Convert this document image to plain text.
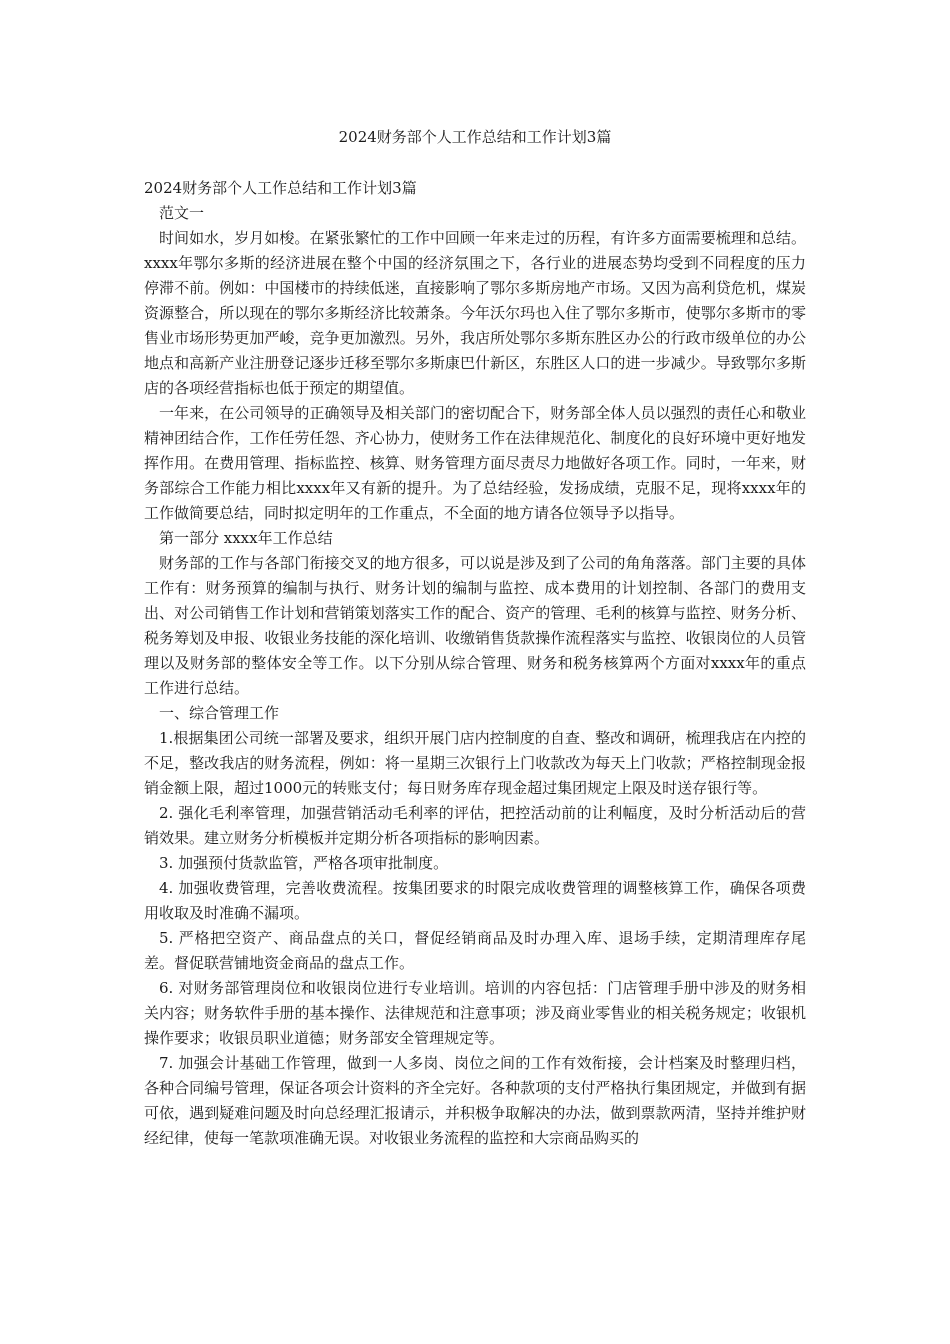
2024财务部个人工作总结和工作计划3篇

2024财务部个人工作总结和工作计划3篇

范文一

时间如水，岁月如梭。在紧张繁忙的工作中回顾一年来走过的历程，有许多方面需要梳理和总结。xxxx年鄂尔多斯的经济进展在整个中国的经济氛围之下，各行业的进展态势均受到不同程度的压力停滞不前。例如：中国楼市的持续低迷，直接影响了鄂尔多斯房地产市场。又因为高利贷危机，煤炭资源整合，所以现在的鄂尔多斯经济比较萧条。今年沃尔玛也入住了鄂尔多斯市，使鄂尔多斯市的零售业市场形势更加严峻，竞争更加激烈。另外，我店所处鄂尔多斯东胜区办公的行政市级单位的办公地点和高新产业注册登记逐步迁移至鄂尔多斯康巴什新区，东胜区人口的进一步减少。导致鄂尔多斯店的各项经营指标也低于预定的期望值。

一年来，在公司领导的正确领导及相关部门的密切配合下，财务部全体人员以强烈的责任心和敬业精神团结合作，工作任劳任怨、齐心协力，使财务工作在法律规范化、制度化的良好环境中更好地发挥作用。在费用管理、指标监控、核算、财务管理方面尽责尽力地做好各项工作。同时，一年来，财务部综合工作能力相比xxxx年又有新的提升。为了总结经验，发扬成绩，克服不足，现将xxxx年的工作做简要总结，同时拟定明年的工作重点，不全面的地方请各位领导予以指导。

第一部分 xxxx年工作总结

财务部的工作与各部门衔接交叉的地方很多，可以说是涉及到了公司的角角落落。部门主要的具体工作有：财务预算的编制与执行、财务计划的编制与监控、成本费用的计划控制、各部门的费用支出、对公司销售工作计划和营销策划落实工作的配合、资产的管理、毛利的核算与监控、财务分析、税务筹划及申报、收银业务技能的深化培训、收缴销售货款操作流程落实与监控、收银岗位的人员管理以及财务部的整体安全等工作。以下分别从综合管理、财务和税务核算两个方面对xxxx年的重点工作进行总结。

一、综合管理工作

1.根据集团公司统一部署及要求，组织开展门店内控制度的自查、整改和调研，梳理我店在内控的不足，整改我店的财务流程，例如：将一星期三次银行上门收款改为每天上门收款；严格控制现金报销金额上限，超过1000元的转账支付；每日财务库存现金超过集团规定上限及时送存银行等。

2. 强化毛利率管理，加强营销活动毛利率的评估，把控活动前的让利幅度，及时分析活动后的营销效果。建立财务分析模板并定期分析各项指标的影响因素。

3. 加强预付货款监管，严格各项审批制度。

4. 加强收费管理，完善收费流程。按集团要求的时限完成收费管理的调整核算工作，确保各项费用收取及时准确不漏项。

5. 严格把空资产、商品盘点的关口，督促经销商品及时办理入库、退场手续，定期清理库存尾差。督促联营铺地资金商品的盘点工作。

6. 对财务部管理岗位和收银岗位进行专业培训。培训的内容包括：门店管理手册中涉及的财务相关内容；财务软件手册的基本操作、法律规范和注意事项；涉及商业零售业的相关税务规定；收银机操作要求；收银员职业道德；财务部安全管理规定等。

7. 加强会计基础工作管理，做到一人多岗、岗位之间的工作有效衔接，会计档案及时整理归档，各种合同编号管理，保证各项会计资料的齐全完好。各种款项的支付严格执行集团规定，并做到有据可依，遇到疑难问题及时向总经理汇报请示，并积极争取解决的办法，做到票款两清，坚持并维护财经纪律，使每一笔款项准确无误。对收银业务流程的监控和大宗商品购买的
